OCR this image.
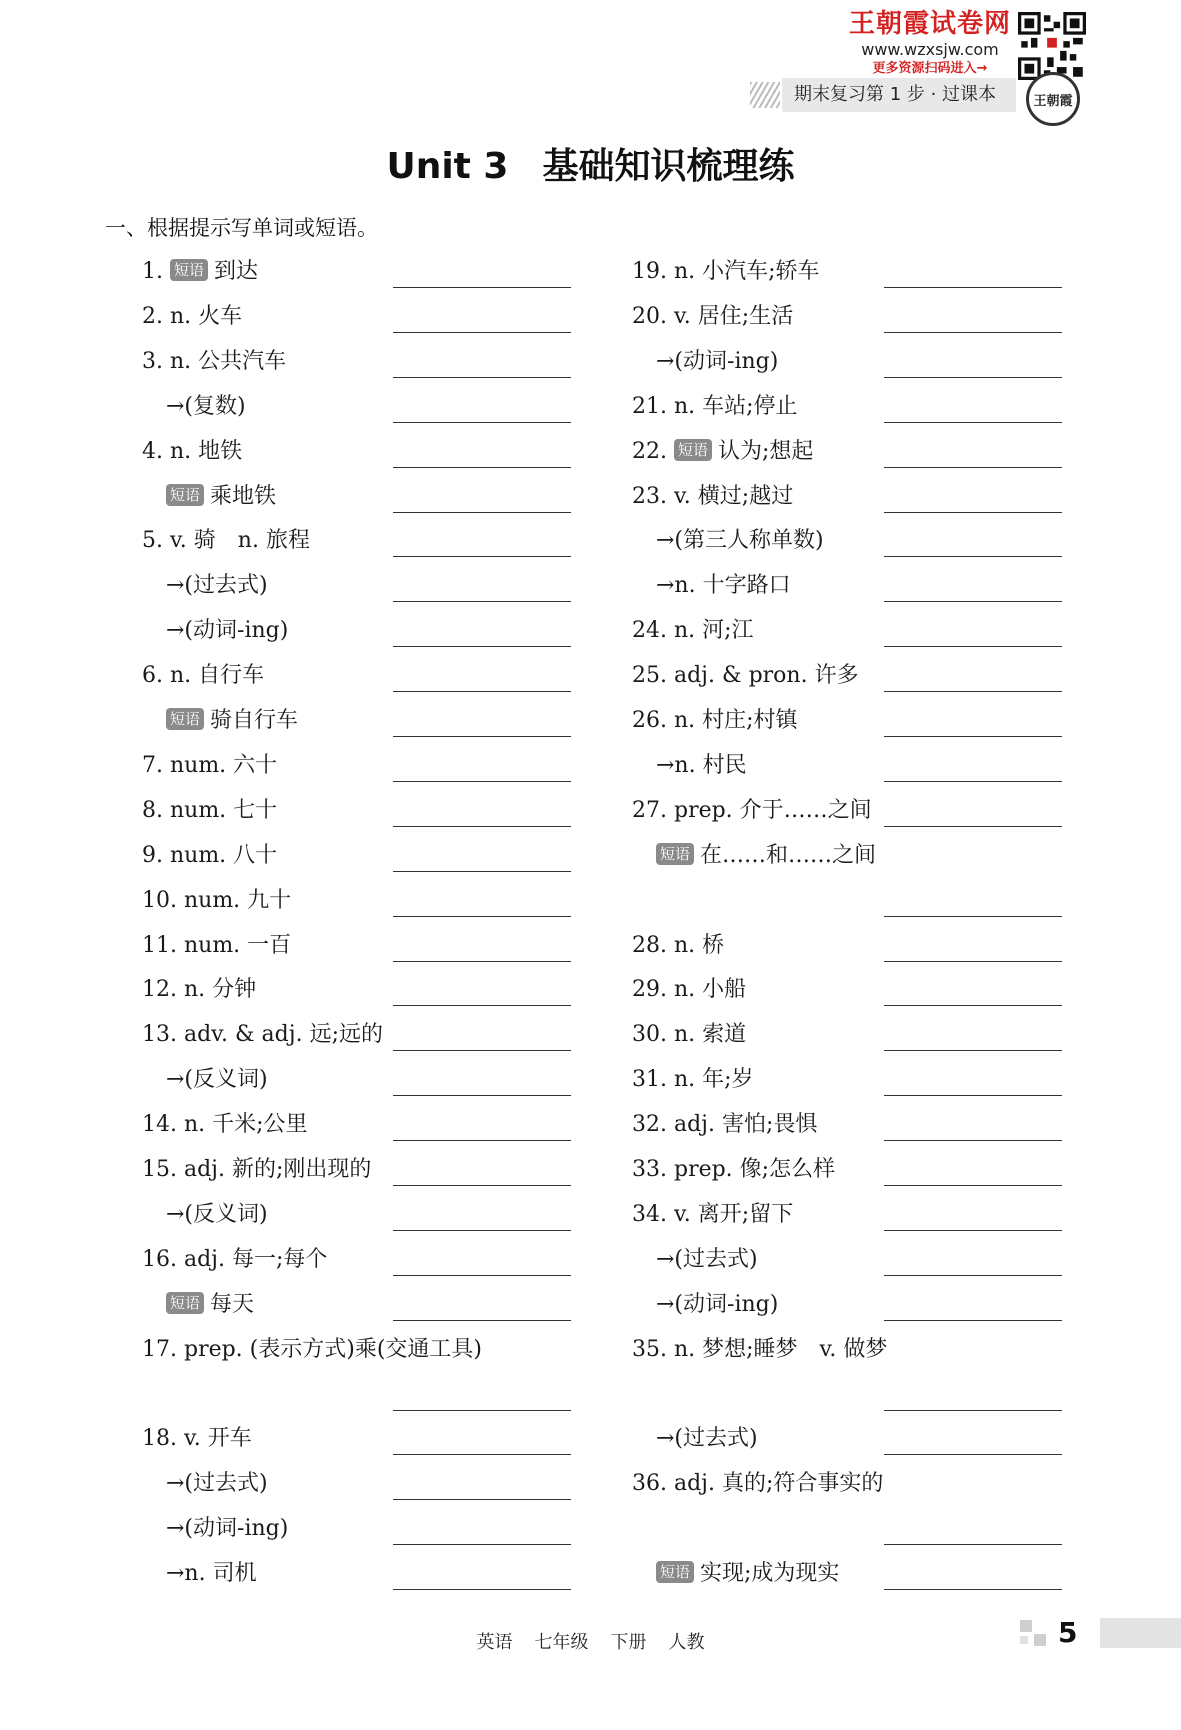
王朝霞试卷网
www.wzxsjw.com
更多资源扫码进入→
期末复习第 1 步 · 过课本	王朝霞
Unit 3 基础知识梳理练
一、根据提示写单词或短语。
1. 短语 到达
2. n. 火车
3. n. 公共汽车
→(复数)
4. n. 地铁
短语 乘地铁
5. v. 骑　n. 旅程
→(过去式)
→(动词-ing)
6. n. 自行车
短语 骑自行车
7. num. 六十
8. num. 七十
9. num. 八十
10. num. 九十
11. num. 一百
12. n. 分钟
13. adv. & adj. 远;远的
→(反义词)
14. n. 千米;公里
15. adj. 新的;刚出现的
→(反义词)
16. adj. 每一;每个
短语 每天
17. prep. (表示方式)乘(交通工具)
18. v. 开车
→(过去式)
→(动词-ing)
→n. 司机
19. n. 小汽车;轿车
20. v. 居住;生活
→(动词-ing)
21. n. 车站;停止
22. 短语 认为;想起
23. v. 横过;越过
→(第三人称单数)
→n. 十字路口
24. n. 河;江
25. adj. & pron. 许多
26. n. 村庄;村镇
→n. 村民
27. prep. 介于……之间
短语 在……和……之间
28. n. 桥
29. n. 小船
30. n. 索道
31. n. 年;岁
32. adj. 害怕;畏惧
33. prep. 像;怎么样
34. v. 离开;留下
→(过去式)
→(动词-ing)
35. n. 梦想;睡梦　v. 做梦
→(过去式)
36. adj. 真的;符合事实的
短语 实现;成为现实
英语 七年级 下册 人教	5
